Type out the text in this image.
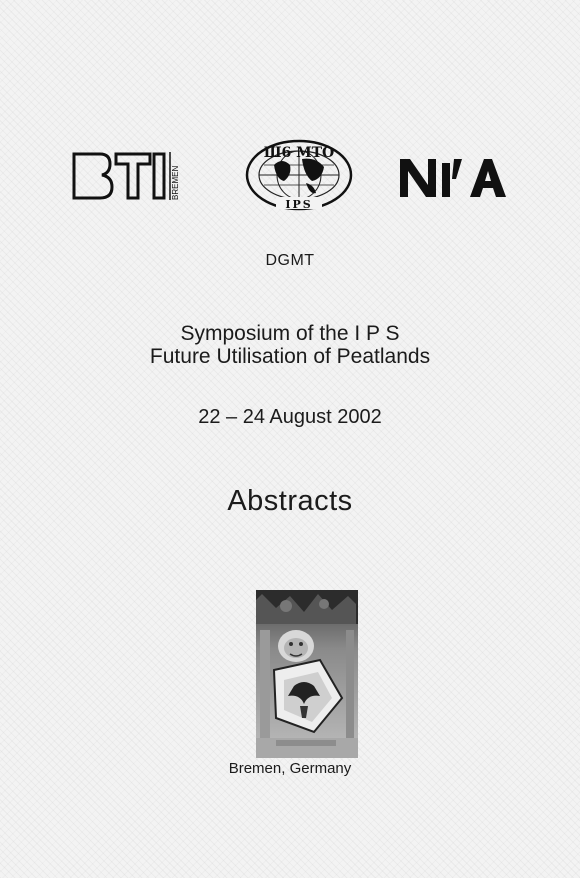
BREMEN
Ш6 МТО
IPS
NNA
DGMT
Symposium of the I P S
Future Utilisation of Peatlands
22 – 24 August 2002
Abstracts
Bremen, Germany
